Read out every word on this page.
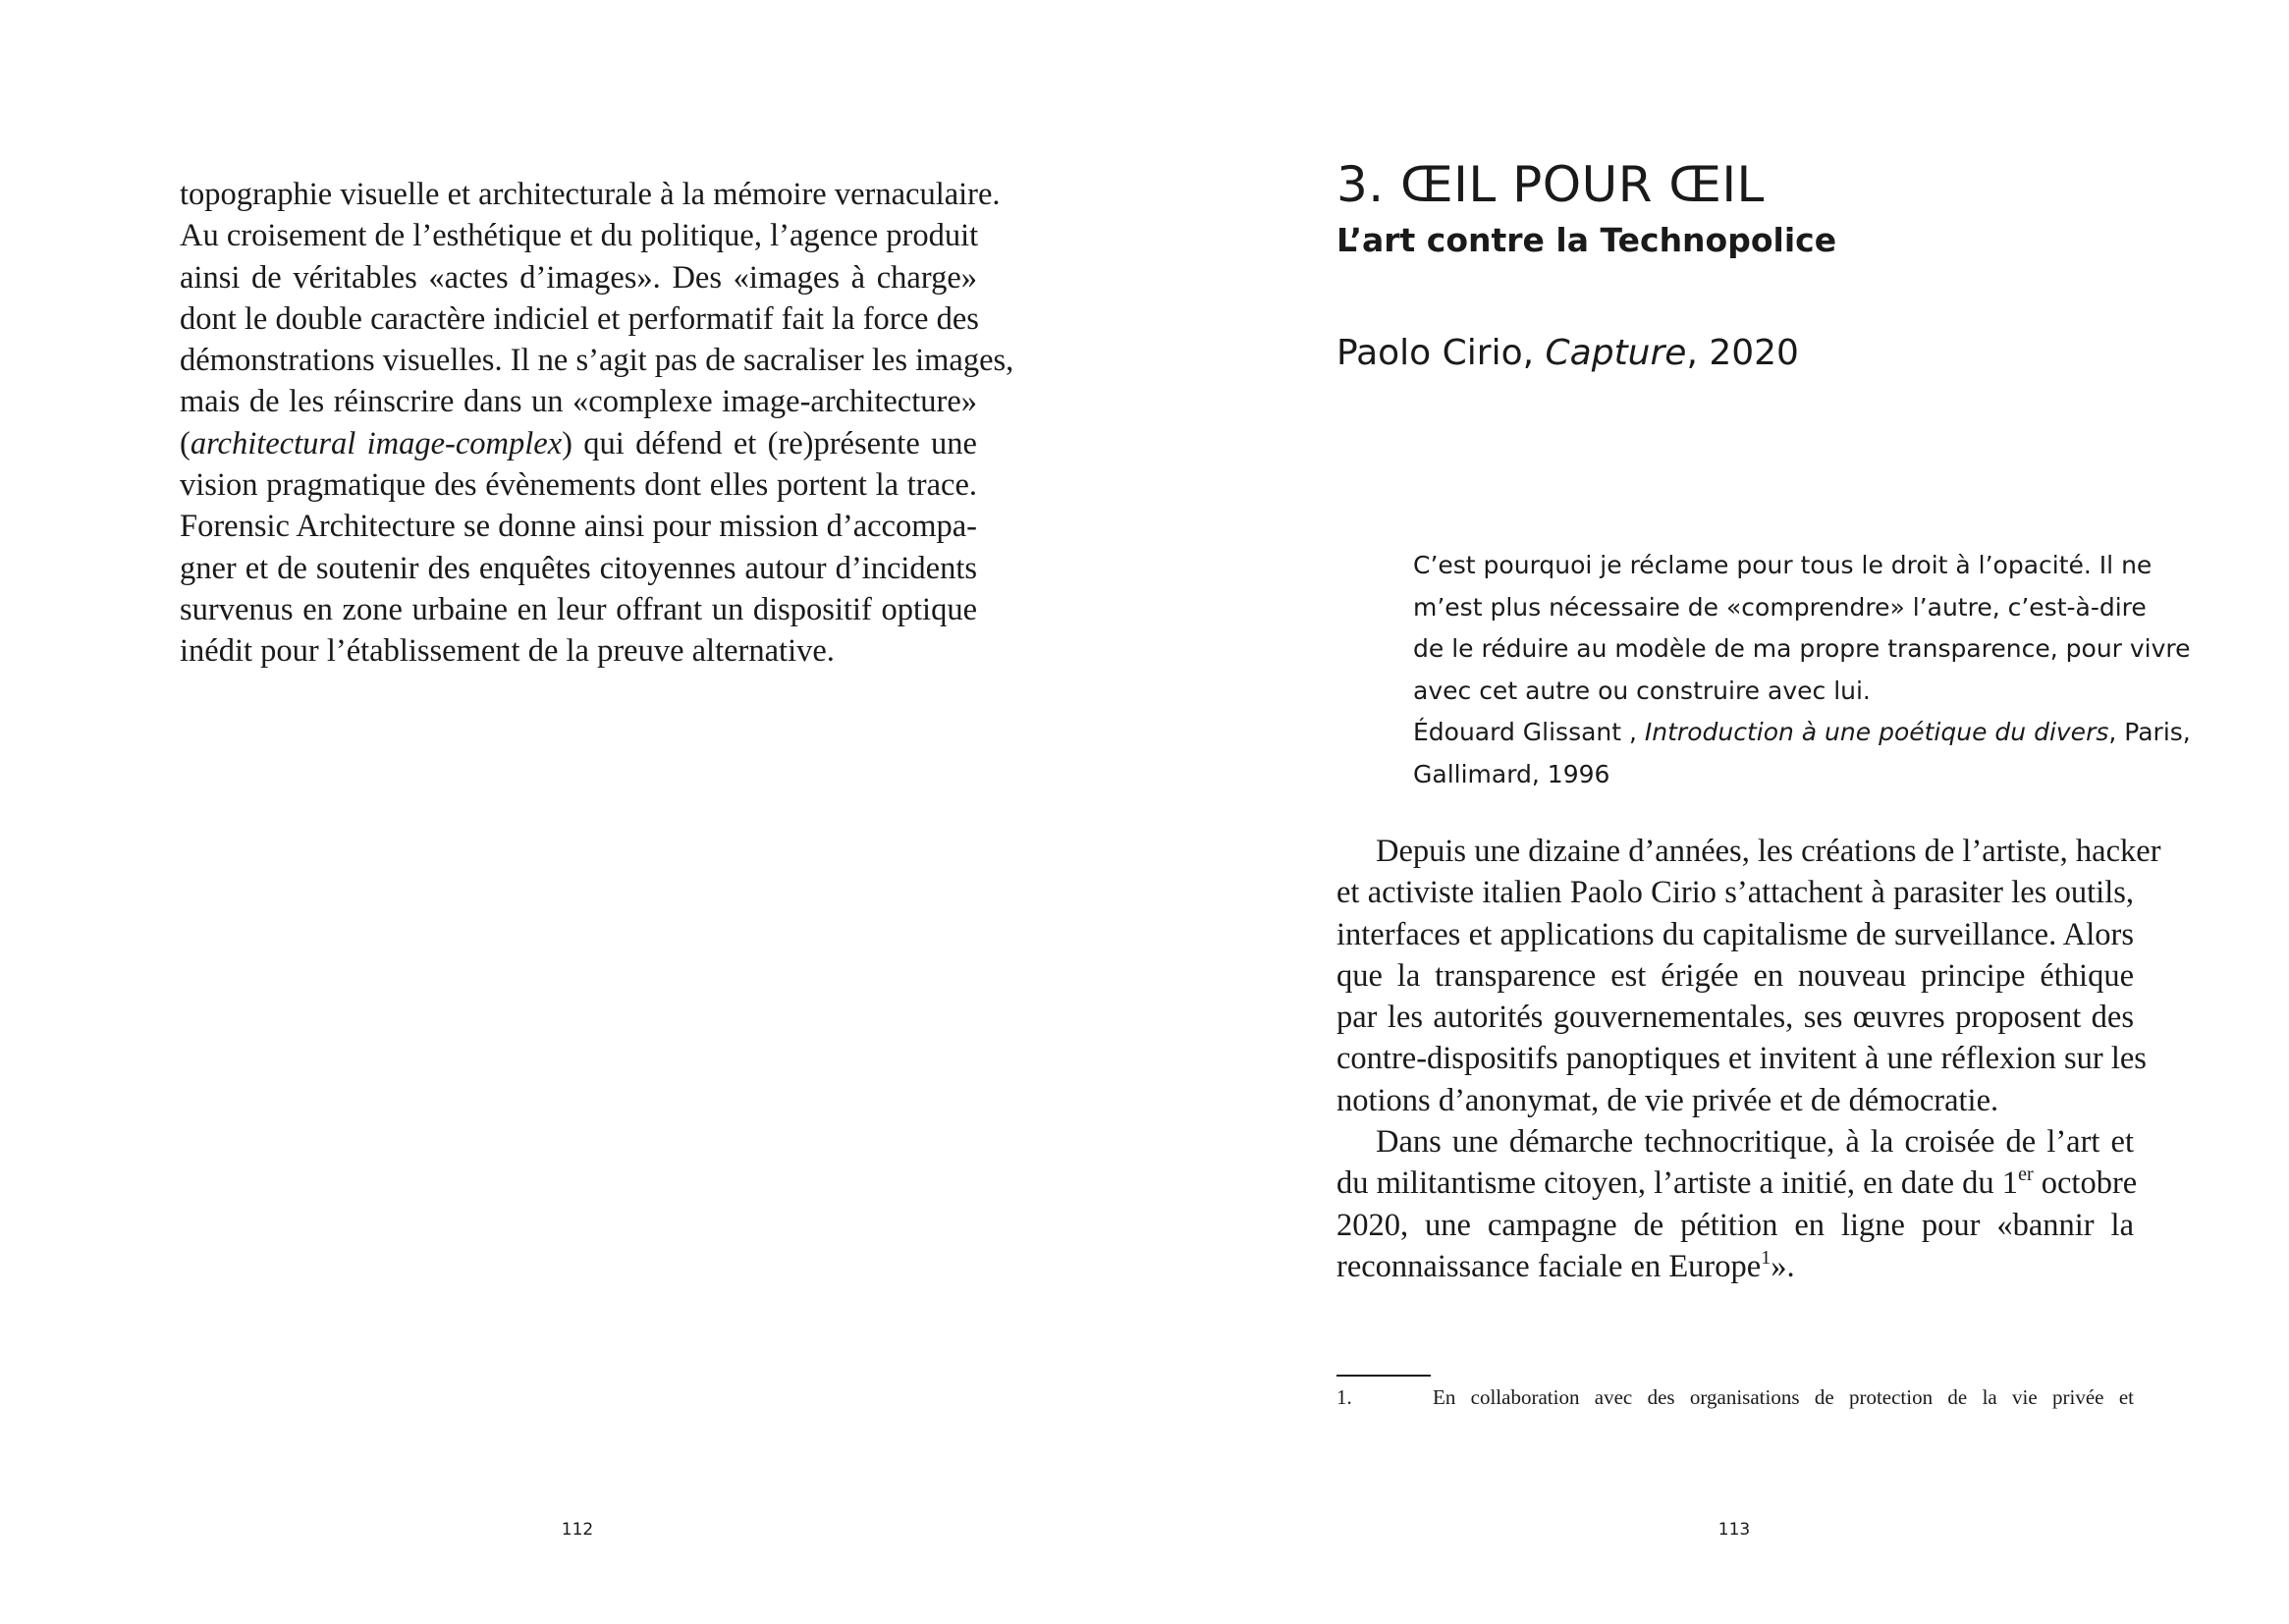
topographie visuelle et architecturale à la mémoire vernaculaire.
Au croisement de l’esthétique et du politique, l’agence produit
ainsi de véritables «actes d’images». Des «images à charge»
dont le double caractère indiciel et performatif fait la force des
démonstrations visuelles. Il ne s’agit pas de sacraliser les images,
mais de les réinscrire dans un «complexe image-architecture»
(architectural image-complex) qui défend et (re)présente une
vision pragmatique des évènements dont elles portent la trace.
Forensic Architecture se donne ainsi pour mission d’accompa-
gner et de soutenir des enquêtes citoyennes autour d’incidents
survenus en zone urbaine en leur offrant un dispositif optique
inédit pour l’établissement de la preuve alternative.
112
3. ŒIL POUR ŒIL
L’art contre la Technopolice
Paolo Cirio, Capture, 2020
C’est pourquoi je réclame pour tous le droit à l’opacité. Il ne
m’est plus nécessaire de «comprendre» l’autre, c’est-à-dire
de le réduire au modèle de ma propre transparence, pour vivre
avec cet autre ou construire avec lui.
Édouard Glissant , Introduction à une poétique du divers, Paris,
Gallimard, 1996
Depuis une dizaine d’années, les créations de l’artiste, hacker
et activiste italien Paolo Cirio s’attachent à parasiter les outils,
interfaces et applications du capitalisme de surveillance. Alors
que la transparence est érigée en nouveau principe éthique
par les autorités gouvernementales, ses œuvres proposent des
contre-dispositifs panoptiques et invitent à une réflexion sur les
notions d’anonymat, de vie privée et de démocratie.
Dans une démarche technocritique, à la croisée de l’art et
du militantisme citoyen, l’artiste a initié, en date du 1er octobre
2020, une campagne de pétition en ligne pour «bannir la
reconnaissance faciale en Europe$^1$».
1.	En collaboration avec des organisations de protection de la vie privée et
113
